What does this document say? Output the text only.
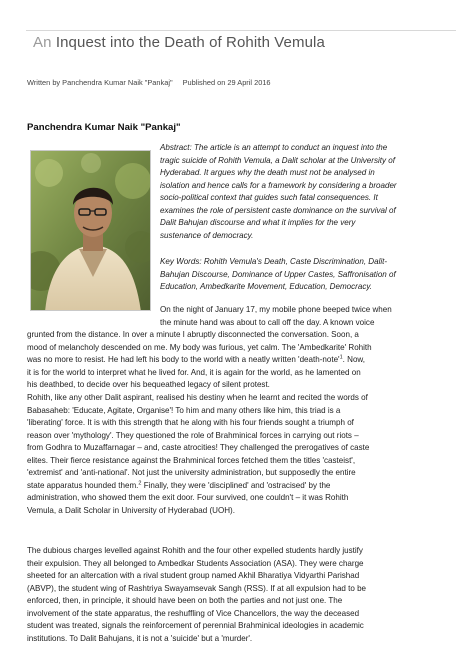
An Inquest into the Death of Rohith Vemula
Written by Panchendra Kumar Naik "Pankaj" Published on 29 April 2016
Panchendra Kumar Naik "Pankaj"
Abstract: The article is an attempt to conduct an inquest into the
tragic suicide of Rohith Vemula, a Dalit scholar at the University of
Hyderabad. It argues why the death must not be analysed in
isolation and hence calls for a framework by considering a broader
socio-political context that guides such fatal consequences. It
examines the role of persistent caste dominance on the survival of
Dalit Bahujan discourse and what it implies for the very
sustenance of democracy.
Key Words: Rohith Vemula's Death, Caste Discrimination, Dalit-
Bahujan Discourse, Dominance of Upper Castes, Saffronisation of
Education, Ambedkarite Movement, Education, Democracy.
On the night of January 17, my mobile phone beeped twice when
the minute hand was about to call off the day. A known voice
grunted from the distance. In over a minute I abruptly disconnected the conversation. Soon, a
mood of melancholy descended on me. My body was furious, yet calm. The 'Ambedkarite' Rohith
was no more to resist. He had left his body to the world with a neatly written '$death-note'^1$. Now,
it is for the world to interpret what he lived for. And, it is again for the world, as he lamented on
his deathbed, to decide over his bequeathed legacy of silent protest.
Rohith, like any other Dalit aspirant, realised his destiny when he learnt and recited the words of
Babasaheb: 'Educate, Agitate, Organise'! To him and many others like him, this triad is a
'liberating' force. It is with this strength that he along with his four friends sought a triumph of
reason over 'mythology'. They questioned the role of Brahminical forces in carrying out riots –
from Godhra to Muzaffarnagar – and, caste atrocities! They challenged the prerogatives of caste
elites. Their fierce resistance against the Brahminical forces fetched them the titles 'casteist',
'extremist' and 'anti-national'. Not just the university administration, but supposedly the entire
state apparatus hounded them.$^2$ Finally, they were 'disciplined' and 'ostracised' by the
administration, who showed them the exit door. Four survived, one couldn't – it was Rohith
Vemula, a Dalit Scholar in University of Hyderabad (UOH).
The dubious charges levelled against Rohith and the four other expelled students hardly justify
their expulsion. They all belonged to Ambedkar Students Association (ASA). They were charge
sheeted for an altercation with a rival student group named Akhil Bharatiya Vidyarthi Parishad
(ABVP), the student wing of Rashtriya Swayamsevak Sangh (RSS). If at all expulsion had to be
enforced, then, in principle, it should have been on both the parties and not just one. The
involvement of the state apparatus, the reshuffling of Vice Chancellors, the way the deceased
student was treated, signals the reinforcement of perennial Brahminical ideologies in academic
institutions. To Dalit Bahujans, it is not a 'suicide' but a 'murder'.
